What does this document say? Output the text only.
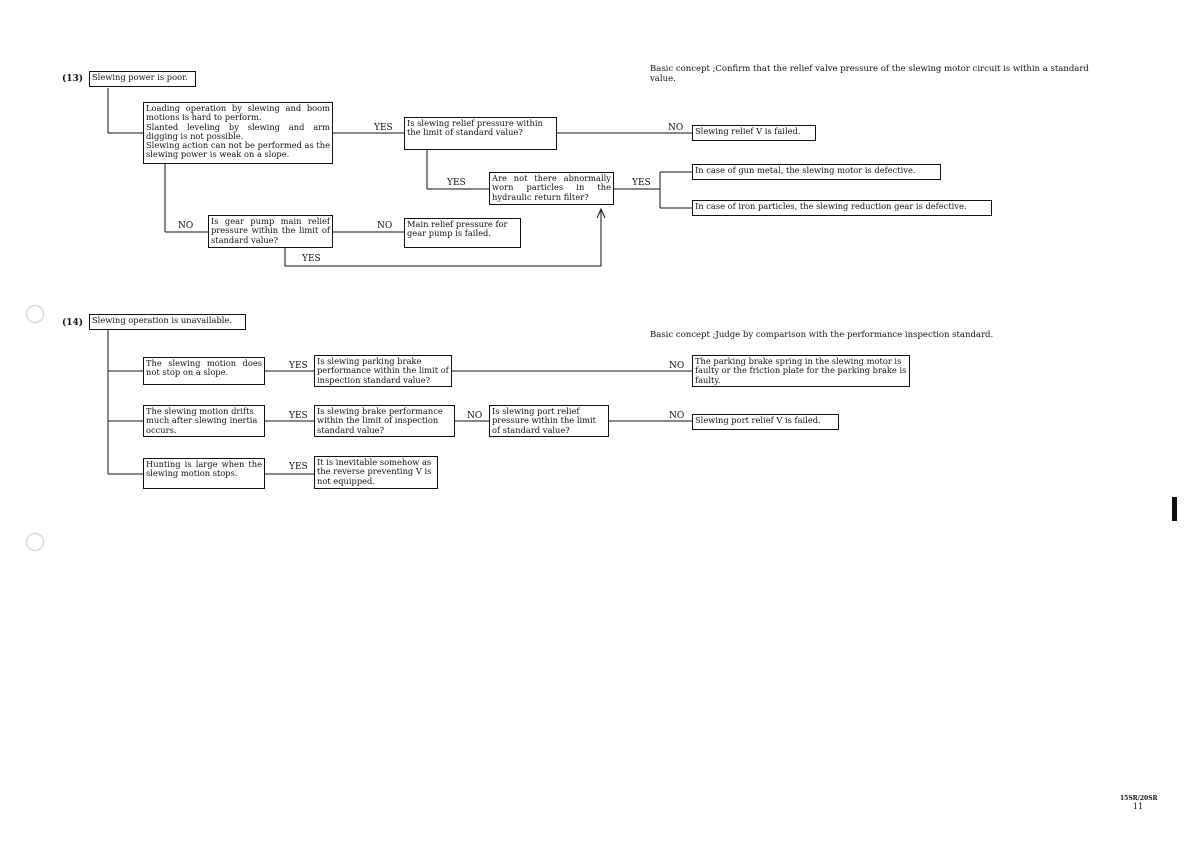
Basic concept ;Confirm that the relief valve pressure of the slewing motor circuit is within a standard
value.
Basic concept ;Judge by comparison with the performance inspection standard.
(13)	Slewing power is poor.
Loading operation by slewing and boom motions is hard to perform.
Slanted leveling by slewing and arm digging is not possible.
Slewing action can not be performed as the slewing power is weak on a slope.
YES	Is slewing relief pressure within the limit of standard value?	NO	Slewing relief V is failed.
YES	Are not there abnormally worn particles in the hydraulic return filter?
YES
In case of gun metal, the slewing motor is defective.
In case of iron particles, the slewing reduction gear is defective.
NO	Is gear pump main relief pressure within the limit of standard value?
NO	Main relief pressure for gear pump is failed.
YES
(14)	Slewing operation is unavailable.
The slewing motion does not stop on a slope.
YES	Is slewing parking brake performance within the limit of inspection standard value?
NO	The parking brake spring in the slewing motor is faulty or the friction plate for the parking brake is faulty.
The slewing motion drifts much after slewing inertia occurs.
YES	Is slewing brake performance within the limit of inspection standard value?
NO	Is slewing port relief pressure within the limit of standard value?
NO	Slewing port relief V is failed.
Hunting is large when the slewing motion stops.
YES	It is inevitable somehow as the reverse preventing V is not equipped.
15SR/20SR
11
